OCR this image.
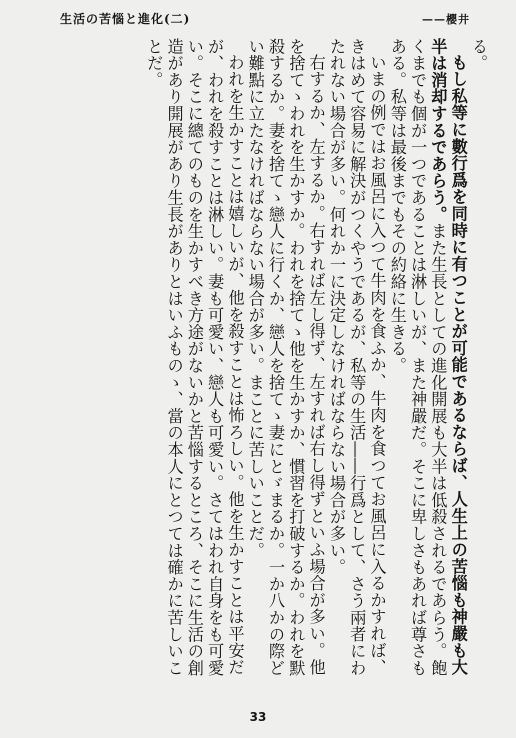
生活の苦惱と進化(二)	——櫻井

る。

もし私等に數行爲を同時に有つことが可能であるならば、人生上の苦惱も神嚴も大半は消却するであらう。また生長としての進化開展も大半は低殺されるであらう。飽くまでも個が一つであることは淋しいが、また神嚴だ。そこに卑しさもあれば尊さもある。私等は最後までもその約絡に生きる。

いまの例ではお風呂に入つて牛肉を食ふか、牛肉を食つてお風呂に入るかすれば、きはめて容易に解決がつくやうであるが、私等の生活――行爲として、さう兩者にわたれない場合が多い。何れか一に決定しなければならない場合が多い。

右するか、左するか。右すれば左し得ず、左すれば右し得ずといふ場合が多い。他を捨てゝわれを生かすか。われを捨てゝ他を生かすか、慣習を打破するか。われを默殺するか。妻を捨てゝ戀人に行くか、戀人を捨てゝ妻にとゞまるか。一か八かの際どい難點に立たなければならない場合が多い。まことに苦しいことだ。

われを生かすことは嬉しいが、他を殺すことは怖ろしい。他を生かすことは平安だが、われを殺すことは淋しい。妻も可愛い、戀人も可愛い。さてはわれ自身をも可愛い。そこに總てのものを生かすべき方途がないかと苦惱するところ、そこに生活の創造があり開展があり生長がありとはいふものゝ、當の本人にとつては確かに苦しいことだ。

33
